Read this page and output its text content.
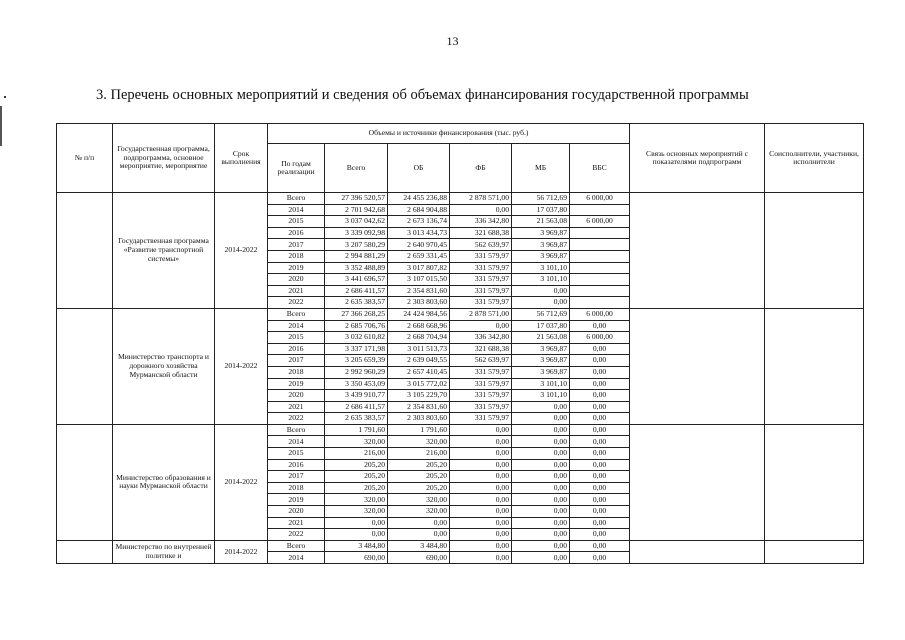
13
3. Перечень основных мероприятий и сведения об объемах финансирования государственной программы
№ п/п	Государственная программа, подпрограмма, основное мероприятие, мероприятие	Срок выполнения	Объемы и источники финансирования (тыс. руб.)						Связь основных мероприятий с показателями подпрограмм	Соисполнители, участники, исполнители
			По годам реализации	Всего	ОБ	ФБ	МБ	ВБС		
	Государственная программа «Развитие транспортной системы»	2014-2022	Всего	27 396 520,57	24 455 236,88	2 878 571,00	56 712,69	6 000,00		
			2014	2 701 942,68	2 684 904,88	0,00	17 037,80			
			2015	3 037 042,62	2 673 136,74	336 342,80	21 563,08	6 000,00		
			2016	3 339 092,98	3 013 434,73	321 688,38	3 969,87			
			2017	3 207 580,29	2 640 970,45	562 639,97	3 969,87			
			2018	2 994 881,29	2 659 331,45	331 579,97	3 969,87			
			2019	3 352 488,89	3 017 807,82	331 579,97	3 101,10			
			2020	3 441 696,57	3 107 015,50	331 579,97	3 101,10			
			2021	2 686 411,57	2 354 831,60	331 579,97	0,00			
			2022	2 635 383,57	2 303 803,60	331 579,97	0,00			
	Министерство транспорта и дорожного хозяйства Мурманской области	2014-2022	Всего	27 366 268,25	24 424 984,56	2 878 571,00	56 712,69	6 000,00		
			2014	2 685 706,76	2 668 668,96	0,00	17 037,80	0,00		
			2015	3 032 610,82	2 668 704,94	336 342,80	21 563,08	6 000,00		
			2016	3 337 171,98	3 011 513,73	321 688,38	3 969,87	0,00		
			2017	3 205 659,39	2 639 049,55	562 639,97	3 969,87	0,00		
			2018	2 992 960,29	2 657 410,45	331 579,97	3 969,87	0,00		
			2019	3 350 453,09	3 015 772,02	331 579,97	3 101,10	0,00		
			2020	3 439 910,77	3 105 229,70	331 579,97	3 101,10	0,00		
			2021	2 686 411,57	2 354 831,60	331 579,97	0,00	0,00		
			2022	2 635 383,57	2 303 803,60	331 579,97	0,00	0,00		
	Министерство образования и науки Мурманской области	2014-2022	Всего	1 791,60	1 791,60	0,00	0,00	0,00		
			2014	320,00	320,00	0,00	0,00	0,00		
			2015	216,00	216,00	0,00	0,00	0,00		
			2016	205,20	205,20	0,00	0,00	0,00		
			2017	205,20	205,20	0,00	0,00	0,00		
			2018	205,20	205,20	0,00	0,00	0,00		
			2019	320,00	320,00	0,00	0,00	0,00		
			2020	320,00	320,00	0,00	0,00	0,00		
			2021	0,00	0,00	0,00	0,00	0,00		
			2022	0,00	0,00	0,00	0,00	0,00		
	Министерство по внутренней политике и	2014-2022	Всего	3 484,80	3 484,80	0,00	0,00	0,00		
			2014	690,00	690,00	0,00	0,00	0,00		
